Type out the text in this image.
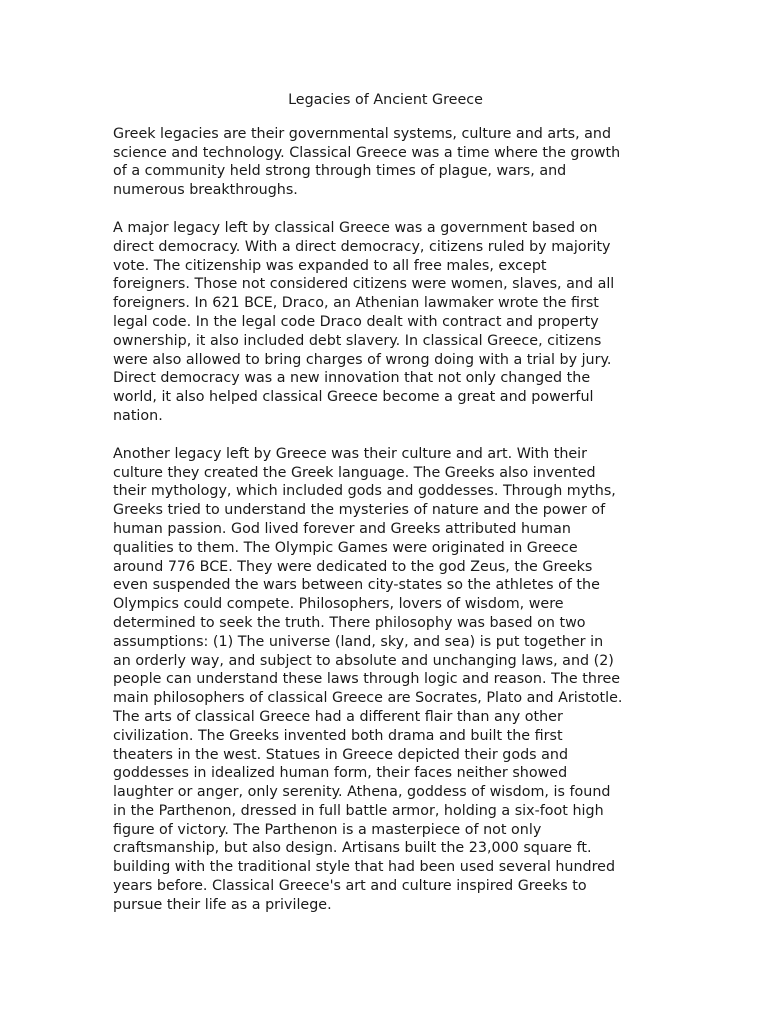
Legacies of Ancient Greece

Greek legacies are their governmental systems, culture and arts, and
science and technology. Classical Greece was a time where the growth
of a community held strong through times of plague, wars, and
numerous breakthroughs.

A major legacy left by classical Greece was a government based on
direct democracy. With a direct democracy, citizens ruled by majority
vote. The citizenship was expanded to all free males, except
foreigners. Those not considered citizens were women, slaves, and all
foreigners. In 621 BCE, Draco, an Athenian lawmaker wrote the first
legal code. In the legal code Draco dealt with contract and property
ownership, it also included debt slavery. In classical Greece, citizens
were also allowed to bring charges of wrong doing with a trial by jury.
Direct democracy was a new innovation that not only changed the
world, it also helped classical Greece become a great and powerful
nation.

Another legacy left by Greece was their culture and art. With their
culture they created the Greek language. The Greeks also invented
their mythology, which included gods and goddesses. Through myths,
Greeks tried to understand the mysteries of nature and the power of
human passion. God lived forever and Greeks attributed human
qualities to them. The Olympic Games were originated in Greece
around 776 BCE. They were dedicated to the god Zeus, the Greeks
even suspended the wars between city-states so the athletes of the
Olympics could compete. Philosophers, lovers of wisdom, were
determined to seek the truth. There philosophy was based on two
assumptions: (1) The universe (land, sky, and sea) is put together in
an orderly way, and subject to absolute and unchanging laws, and (2)
people can understand these laws through logic and reason. The three
main philosophers of classical Greece are Socrates, Plato and Aristotle.
The arts of classical Greece had a different flair than any other
civilization. The Greeks invented both drama and built the first
theaters in the west. Statues in Greece depicted their gods and
goddesses in idealized human form, their faces neither showed
laughter or anger, only serenity. Athena, goddess of wisdom, is found
in the Parthenon, dressed in full battle armor, holding a six-foot high
figure of victory. The Parthenon is a masterpiece of not only
craftsmanship, but also design. Artisans built the 23,000 square ft.
building with the traditional style that had been used several hundred
years before. Classical Greece's art and culture inspired Greeks to
pursue their life as a privilege.
